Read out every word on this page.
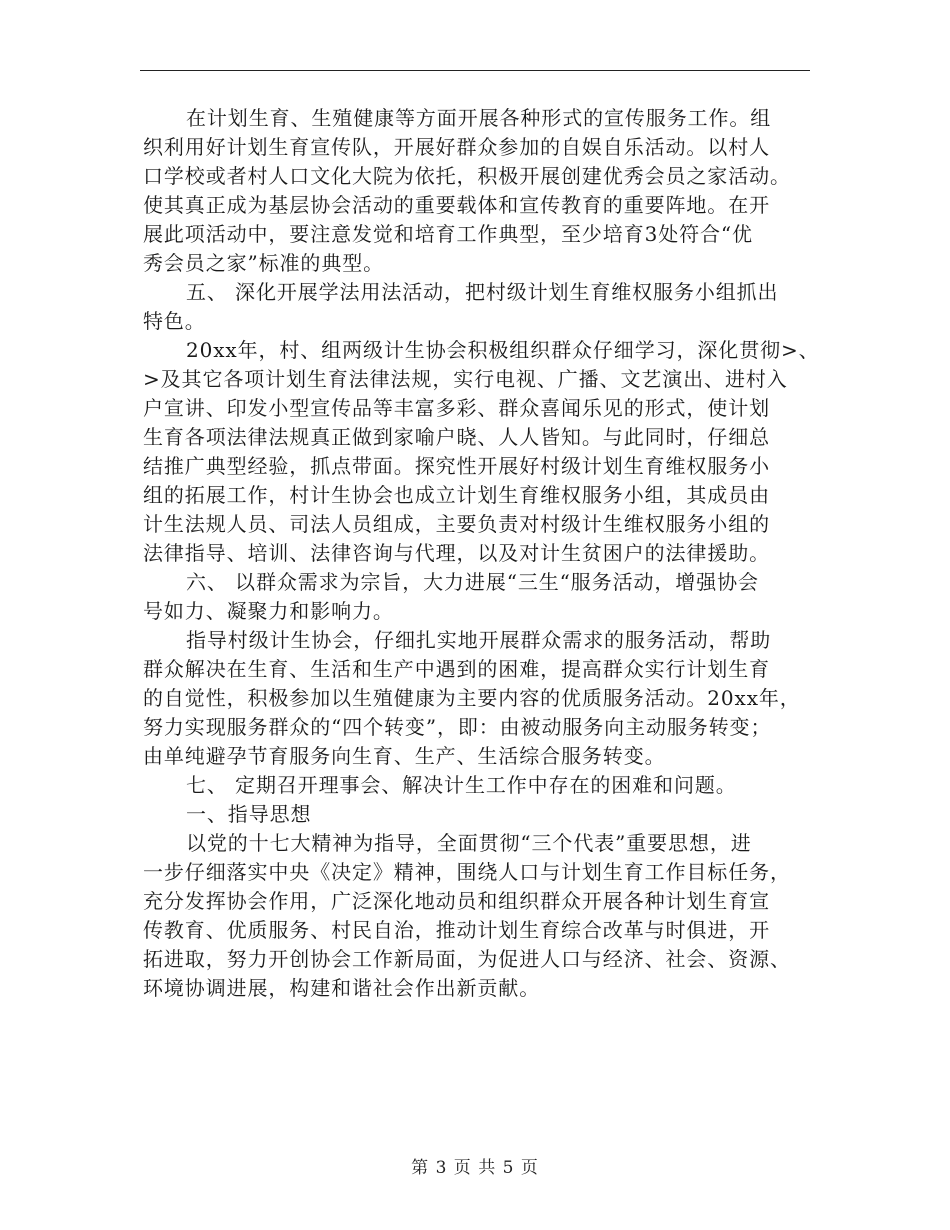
在计划生育、生殖健康等方面开展各种形式的宣传服务工作。组
织利用好计划生育宣传队，开展好群众参加的自娱自乐活动。以村人
口学校或者村人口文化大院为依托，积极开展创建优秀会员之家活动。
使其真正成为基层协会活动的重要载体和宣传教育的重要阵地。在开
展此项活动中，要注意发觉和培育工作典型，至少培育3处符合“优
秀会员之家”标准的典型。
五、 深化开展学法用法活动，把村级计划生育维权服务小组抓出
特色。
20xx年，村、组两级计生协会积极组织群众仔细学习，深化贯彻>、
>及其它各项计划生育法律法规，实行电视、广播、文艺演出、进村入
户宣讲、印发小型宣传品等丰富多彩、群众喜闻乐见的形式，使计划
生育各项法律法规真正做到家喻户晓、人人皆知。与此同时，仔细总
结推广典型经验，抓点带面。探究性开展好村级计划生育维权服务小
组的拓展工作，村计生协会也成立计划生育维权服务小组，其成员由
计生法规人员、司法人员组成，主要负责对村级计生维权服务小组的
法律指导、培训、法律咨询与代理，以及对计生贫困户的法律援助。
六、 以群众需求为宗旨，大力进展“三生“服务活动，增强协会
号如力、凝聚力和影响力。
指导村级计生协会，仔细扎实地开展群众需求的服务活动，帮助
群众解决在生育、生活和生产中遇到的困难，提高群众实行计划生育
的自觉性，积极参加以生殖健康为主要内容的优质服务活动。20xx年，
努力实现服务群众的“四个转变”，即：由被动服务向主动服务转变；
由单纯避孕节育服务向生育、生产、生活综合服务转变。
七、 定期召开理事会、解决计生工作中存在的困难和问题。
一、指导思想
以党的十七大精神为指导，全面贯彻“三个代表”重要思想，进
一步仔细落实中央《决定》精神，围绕人口与计划生育工作目标任务，
充分发挥协会作用，广泛深化地动员和组织群众开展各种计划生育宣
传教育、优质服务、村民自治，推动计划生育综合改革与时俱进，开
拓进取，努力开创协会工作新局面，为促进人口与经济、社会、资源、
环境协调进展，构建和谐社会作出新贡献。
第 3 页 共 5 页
